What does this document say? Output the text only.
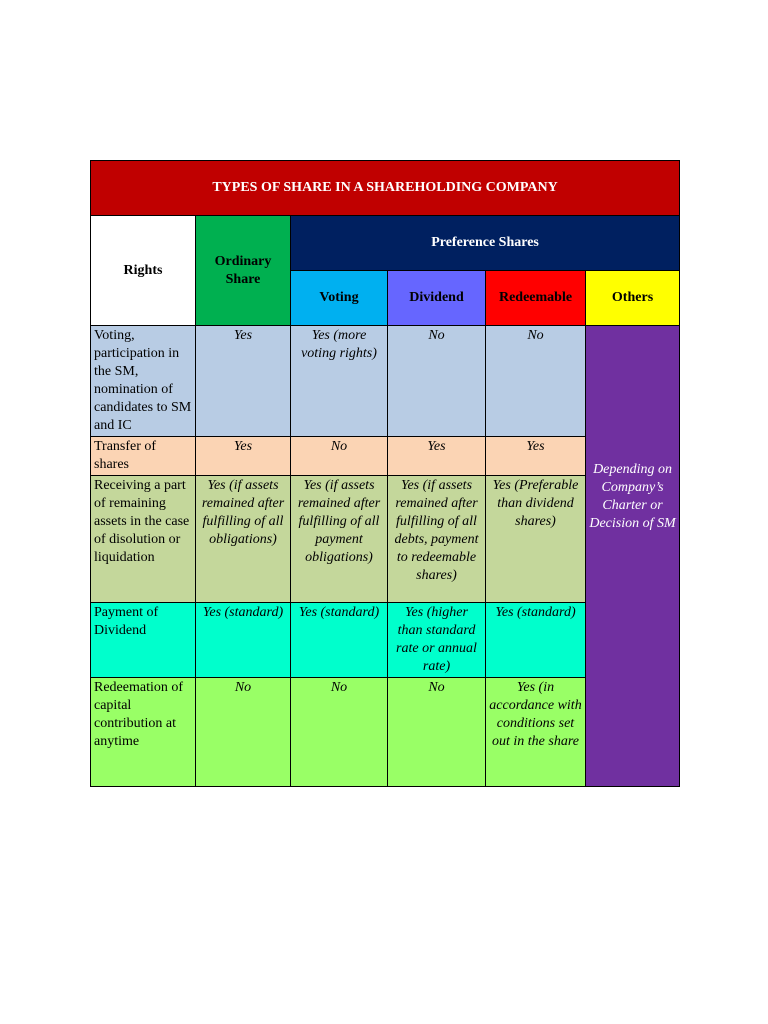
TYPES OF SHARE IN A SHAREHOLDING COMPANY					
Rights	Ordinary Share	Preference Shares			
		Voting	Dividend	Redeemable	Others
Voting, participation in the SM, nomination of candidates to SM and IC	Yes	Yes (more voting rights)	No	No	Depending on Company’s Charter or Decision of SM

Transfer of shares	Yes	No	Yes	Yes	
Receiving a part of remaining assets in the case of disolution or liquidation	Yes (if assets remained after fulfilling of all obligations)	Yes (if assets remained after fulfilling of all payment obligations)	Yes (if assets remained after fulfilling of all debts, payment to redeemable shares)	Yes (Preferable than dividend shares)	
Payment of Dividend	Yes (standard)	Yes (standard)	Yes (higher than standard rate or annual rate)	Yes (standard)	
Redeemation of capital contribution at anytime	No	No	No	Yes (in accordance with conditions set out in the share	
